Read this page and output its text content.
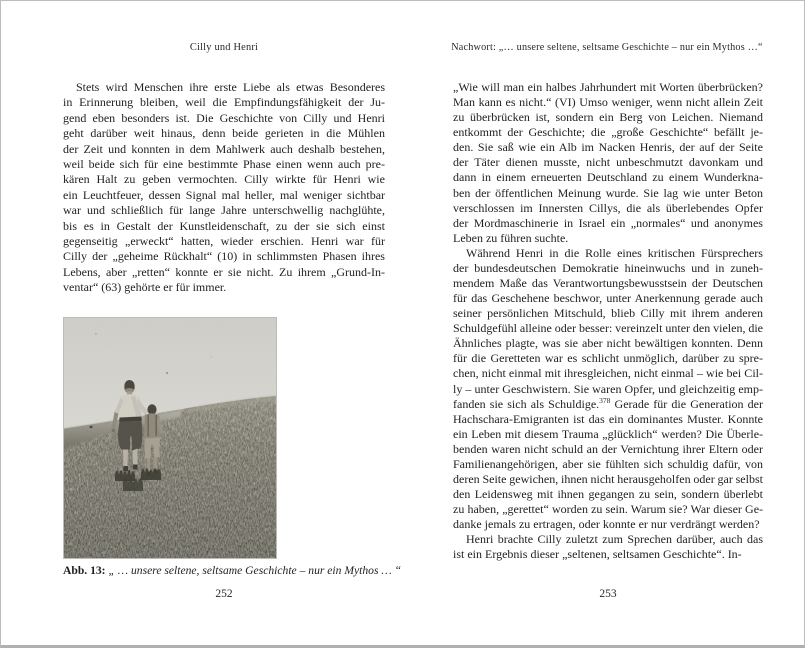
Cilly und Henri	Nachwort: „… unsere seltene, seltsame Geschichte – nur ein Mythos …“
Stets wird Menschen ihre erste Liebe als etwas Besonderes
in Erinnerung bleiben, weil die Empfindungsfähigkeit der Ju-
gend eben besonders ist. Die Geschichte von Cilly und Henri
geht darüber weit hinaus, denn beide gerieten in die Mühlen
der Zeit und konnten in dem Mahlwerk auch deshalb bestehen,
weil beide sich für eine bestimmte Phase einen wenn auch pre-
kären Halt zu geben vermochten. Cilly wirkte für Henri wie
ein Leuchtfeuer, dessen Signal mal heller, mal weniger sichtbar
war und schließlich für lange Jahre unterschwellig nachglühte,
bis es in Gestalt der Kunstleidenschaft, zu der sie sich einst
gegenseitig „erweckt“ hatten, wieder erschien. Henri war für
Cilly der „geheime Rückhalt“ (10) in schlimmsten Phasen ihres
Lebens, aber „retten“ konnte er sie nicht. Zu ihrem „Grund-In-
ventar“ (63) gehörte er für immer.
Abb. 13: „ … unsere seltene, seltsame Geschichte – nur ein Mythos … “
„Wie will man ein halbes Jahrhundert mit Worten überbrücken?
Man kann es nicht.“ (VI) Umso weniger, wenn nicht allein Zeit
zu überbrücken ist, sondern ein Berg von Leichen. Niemand
entkommt der Geschichte; die „große Geschichte“ befällt je-
den. Sie saß wie ein Alb im Nacken Henris, der auf der Seite
der Täter dienen musste, nicht unbeschmutzt davonkam und
dann in einem erneuerten Deutschland zu einem Wunderkna-
ben der öffentlichen Meinung wurde. Sie lag wie unter Beton
verschlossen im Innersten Cillys, die als überlebendes Opfer
der Mordmaschinerie in Israel ein „normales“ und anonymes
Leben zu führen suchte.
Während Henri in die Rolle eines kritischen Fürsprechers
der bundesdeutschen Demokratie hineinwuchs und in zuneh-
mendem Maße das Verantwortungsbewusstsein der Deutschen
für das Geschehene beschwor, unter Anerkennung gerade auch
seiner persönlichen Mitschuld, blieb Cilly mit ihrem anderen
Schuldgefühl alleine oder besser: vereinzelt unter den vielen, die
Ähnliches plagte, was sie aber nicht bewältigen konnten. Denn
für die Geretteten war es schlicht unmöglich, darüber zu spre-
chen, nicht einmal mit ihresgleichen, nicht einmal – wie bei Cil-
ly – unter Geschwistern. Sie waren Opfer, und gleichzeitig emp-
fanden sie sich als Schuldige.$^{378}$ Gerade für die Generation der
Hachschara-Emigranten ist das ein dominantes Muster. Konnte
ein Leben mit diesem Trauma „glücklich“ werden? Die Überle-
benden waren nicht schuld an der Vernichtung ihrer Eltern oder
Familienangehörigen, aber sie fühlten sich schuldig dafür, von
deren Seite gewichen, ihnen nicht herausgeholfen oder gar selbst
den Leidensweg mit ihnen gegangen zu sein, sondern überlebt
zu haben, „gerettet“ worden zu sein. Warum sie? War dieser Ge-
danke jemals zu ertragen, oder konnte er nur verdrängt werden?
Henri brachte Cilly zuletzt zum Sprechen darüber, auch das
ist ein Ergebnis dieser „seltenen, seltsamen Geschichte“. In-
252	253
